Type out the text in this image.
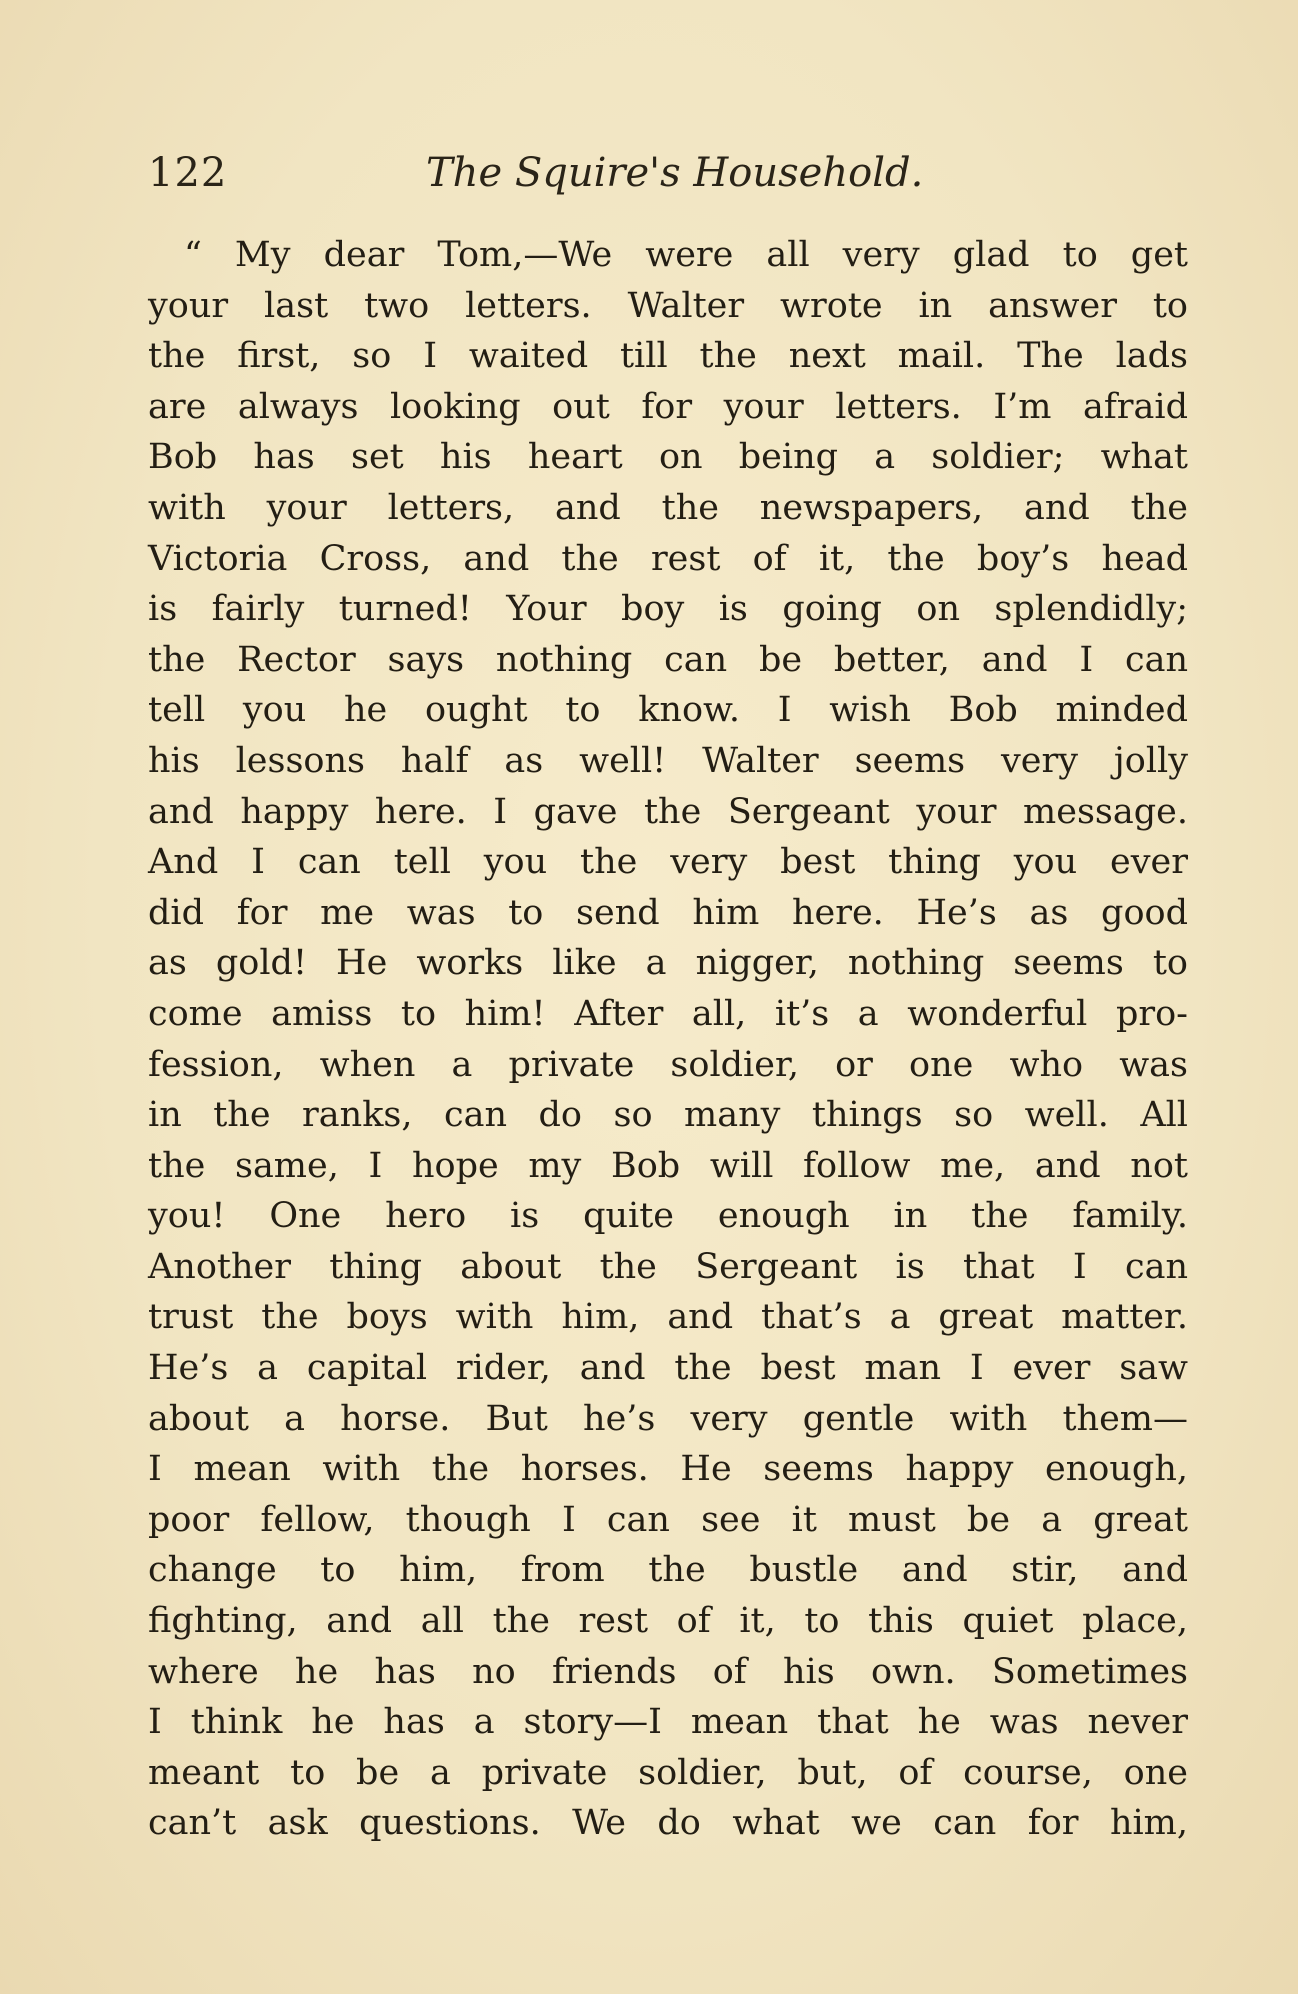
122	The Squire's Household.
“ My dear Tom,—We were all very glad to get
your last two letters. Walter wrote in answer to
the first, so I waited till the next mail. The lads
are always looking out for your letters. I’m afraid
Bob has set his heart on being a soldier; what
with your letters, and the newspapers, and the
Victoria Cross, and the rest of it, the boy’s head
is fairly turned! Your boy is going on splendidly;
the Rector says nothing can be better, and I can
tell you he ought to know. I wish Bob minded
his lessons half as well! Walter seems very jolly
and happy here. I gave the Sergeant your message.
And I can tell you the very best thing you ever
did for me was to send him here. He’s as good
as gold! He works like a nigger, nothing seems to
come amiss to him! After all, it’s a wonderful pro-
fession, when a private soldier, or one who was
in the ranks, can do so many things so well. All
the same, I hope my Bob will follow me, and not
you! One hero is quite enough in the family.
Another thing about the Sergeant is that I can
trust the boys with him, and that’s a great matter.
He’s a capital rider, and the best man I ever saw
about a horse. But he’s very gentle with them—
I mean with the horses. He seems happy enough,
poor fellow, though I can see it must be a great
change to him, from the bustle and stir, and
fighting, and all the rest of it, to this quiet place,
where he has no friends of his own. Sometimes
I think he has a story—I mean that he was never
meant to be a private soldier, but, of course, one
can’t ask questions. We do what we can for him,
